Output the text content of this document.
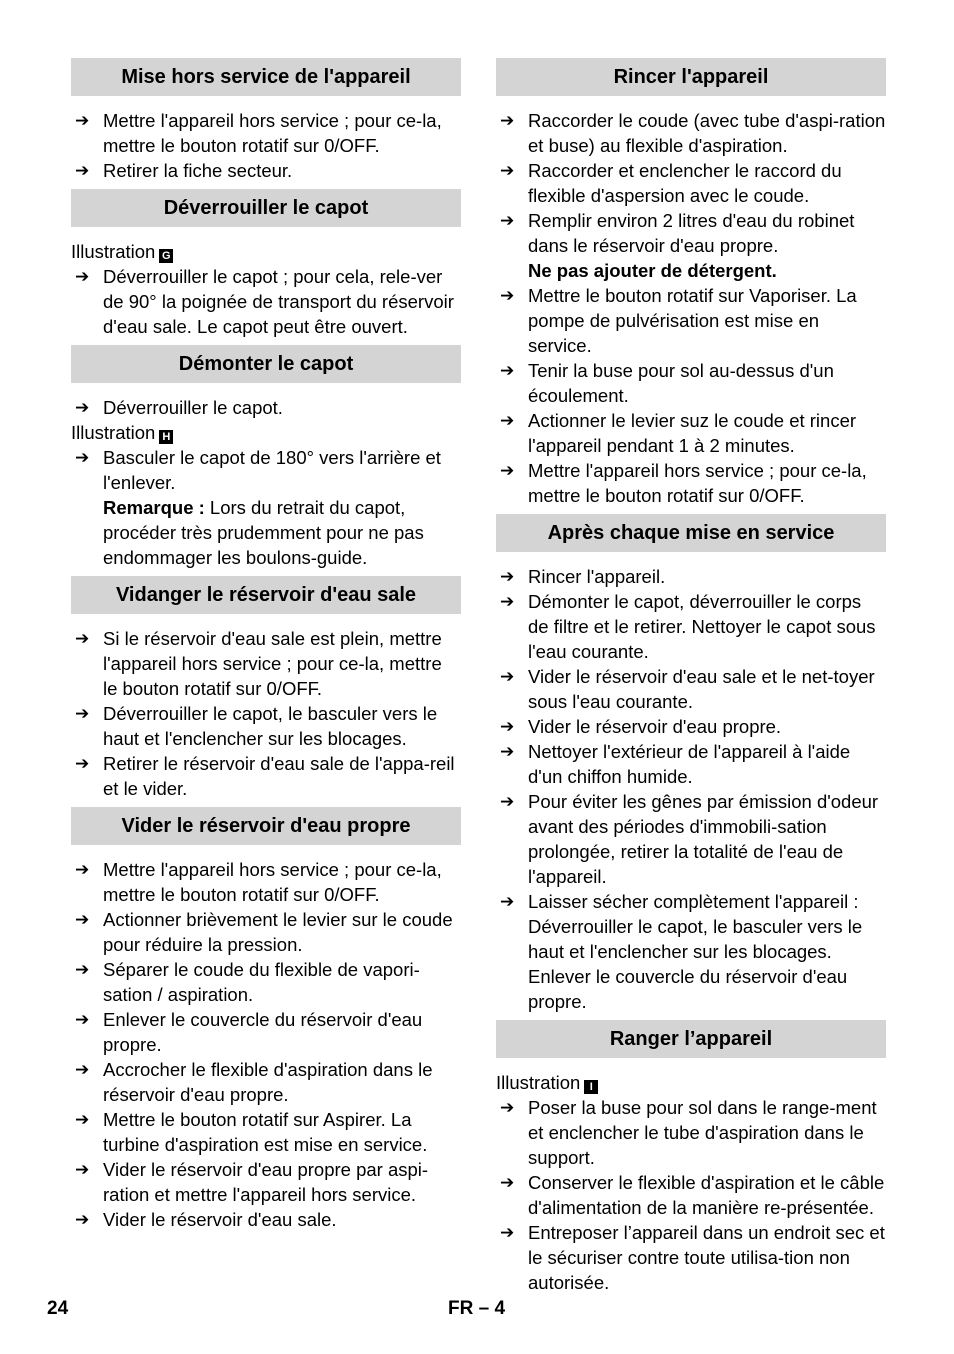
Mise hors service de l'appareil
➔ Mettre l'appareil hors service ; pour ce-la, mettre le bouton rotatif sur 0/OFF.
➔ Retirer la fiche secteur.
Déverrouiller le capot
Illustration G
➔ Déverrouiller le capot ; pour cela, rele-ver de 90° la poignée de transport du réservoir d'eau sale. Le capot peut être ouvert.
Démonter le capot
➔ Déverrouiller le capot.
Illustration H
➔ Basculer le capot de 180° vers l'arrière et l'enlever.
Remarque : Lors du retrait du capot, procéder très prudemment pour ne pas endommager les boulons-guide.
Vidanger le réservoir d'eau sale
➔ Si le réservoir d'eau sale est plein, mettre l'appareil hors service ; pour ce-la, mettre le bouton rotatif sur 0/OFF.
➔ Déverrouiller le capot, le basculer vers le haut et l'enclencher sur les blocages.
➔ Retirer le réservoir d'eau sale de l'appa-reil et le vider.
Vider le réservoir d'eau propre
➔ Mettre l'appareil hors service ; pour ce-la, mettre le bouton rotatif sur 0/OFF.
➔ Actionner brièvement le levier sur le coude pour réduire la pression.
➔ Séparer le coude du flexible de vapori-sation / aspiration.
➔ Enlever le couvercle du réservoir d'eau propre.
➔ Accrocher le flexible d'aspiration dans le réservoir d'eau propre.
➔ Mettre le bouton rotatif sur Aspirer. La turbine d'aspiration est mise en service.
➔ Vider le réservoir d'eau propre par aspi-ration et mettre l'appareil hors service.
➔ Vider le réservoir d'eau sale.
Rincer l'appareil
➔ Raccorder le coude (avec tube d'aspi-ration et buse) au flexible d'aspiration.
➔ Raccorder et enclencher le raccord du flexible d'aspersion avec le coude.
➔ Remplir environ 2 litres d'eau du robinet dans le réservoir d'eau propre.
Ne pas ajouter de détergent.
➔ Mettre le bouton rotatif sur Vaporiser. La pompe de pulvérisation est mise en service.
➔ Tenir la buse pour sol au-dessus d'un écoulement.
➔ Actionner le levier suz le coude et rincer l'appareil pendant 1 à 2 minutes.
➔ Mettre l'appareil hors service ; pour ce-la, mettre le bouton rotatif sur 0/OFF.
Après chaque mise en service
➔ Rincer l'appareil.
➔ Démonter le capot, déverrouiller le corps de filtre et le retirer. Nettoyer le capot sous l'eau courante.
➔ Vider le réservoir d'eau sale et le net-toyer sous l'eau courante.
➔ Vider le réservoir d'eau propre.
➔ Nettoyer l'extérieur de l'appareil à l'aide d'un chiffon humide.
➔ Pour éviter les gênes par émission d'odeur avant des périodes d'immobili-sation prolongée, retirer la totalité de l'eau de l'appareil.
➔ Laisser sécher complètement l'appareil : Déverrouiller le capot, le basculer vers le haut et l'enclencher sur les blocages. Enlever le couvercle du réservoir d'eau propre.
Ranger l’appareil
Illustration I
➔ Poser la buse pour sol dans le range-ment et enclencher le tube d'aspiration dans le support.
➔ Conserver le flexible d'aspiration et le câble d'alimentation de la manière re-présentée.
➔ Entreposer l’appareil dans un endroit sec et le sécuriser contre toute utilisa-tion non autorisée.
24	FR – 4
